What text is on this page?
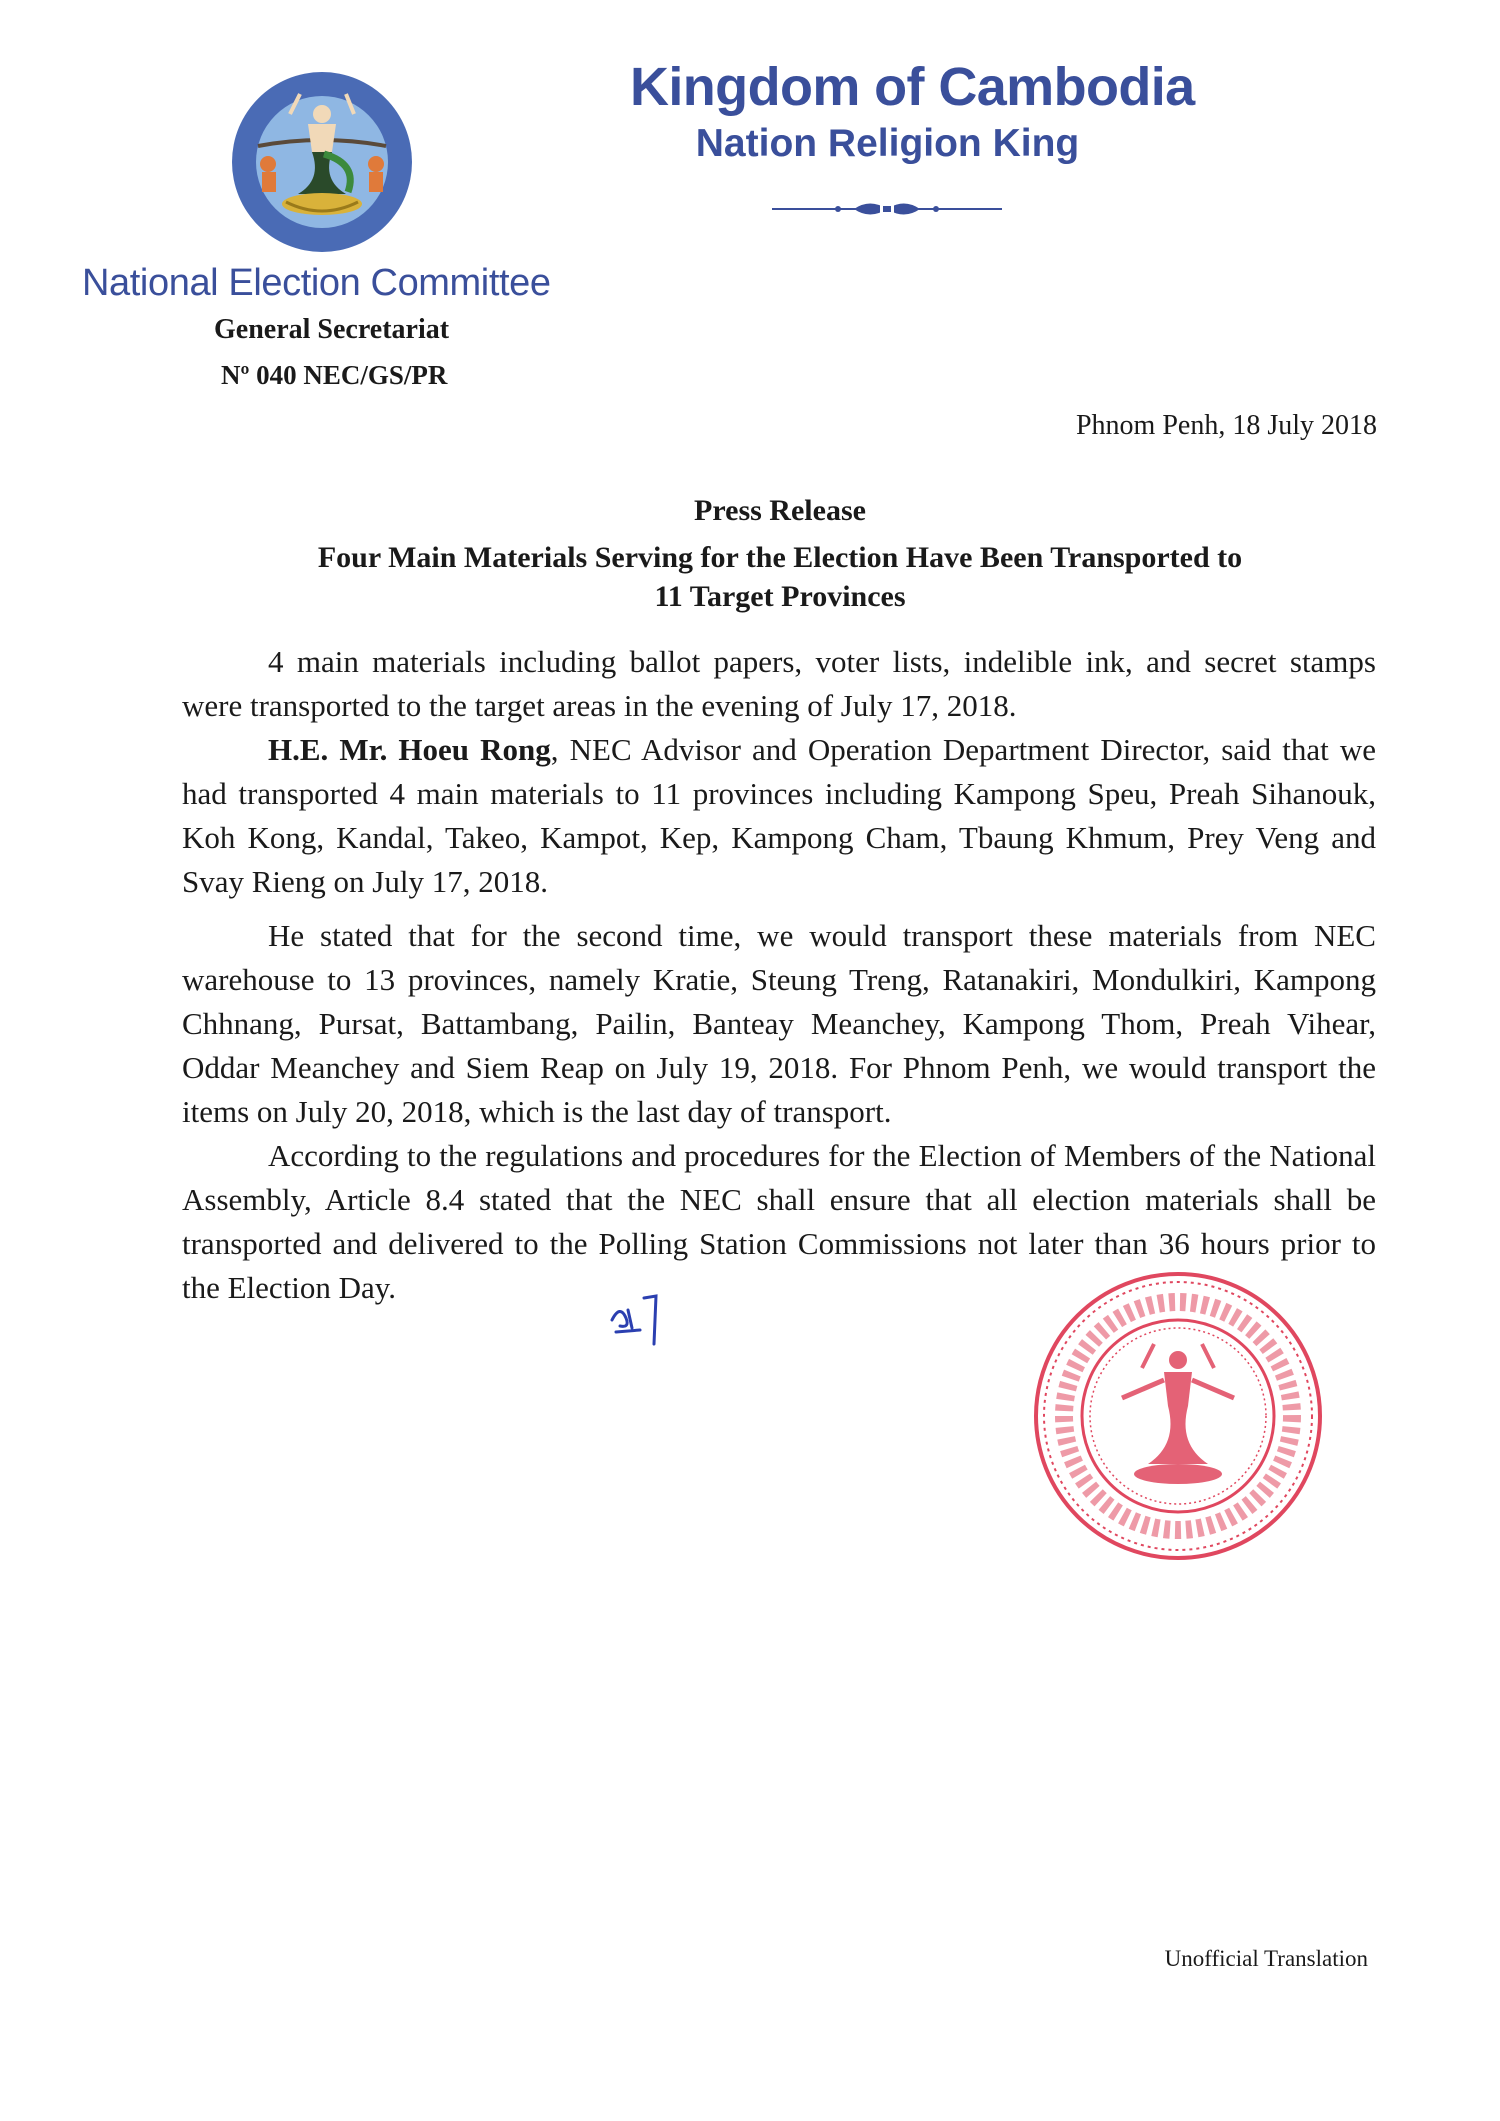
National Election Committee
General Secretariat
Nº 040 NEC/GS/PR
Kingdom of Cambodia
Nation Religion King
Phnom Penh, 18 July 2018
Press Release
Four Main Materials Serving for the Election Have Been Transported to
11 Target Provinces

4 main materials including ballot papers, voter lists, indelible ink, and secret stamps were transported to the target areas in the evening of July 17, 2018.

H.E. Mr. Hoeu Rong, NEC Advisor and Operation Department Director, said that we had transported 4 main materials to 11 provinces including Kampong Speu, Preah Sihanouk, Koh Kong, Kandal, Takeo, Kampot, Kep, Kampong Cham, Tbaung Khmum, Prey Veng and Svay Rieng on July 17, 2018.

He stated that for the second time, we would transport these materials from NEC warehouse to 13 provinces, namely Kratie, Steung Treng, Ratanakiri, Mondulkiri, Kampong Chhnang, Pursat, Battambang, Pailin, Banteay Meanchey, Kampong Thom, Preah Vihear, Oddar Meanchey and Siem Reap on July 19, 2018. For Phnom Penh, we would transport the items on July 20, 2018, which is the last day of transport.

According to the regulations and procedures for the Election of Members of the National Assembly, Article 8.4 stated that the NEC shall ensure that all election materials shall be transported and delivered to the Polling Station Commissions not later than 36 hours prior to the Election Day.

Unofficial Translation
